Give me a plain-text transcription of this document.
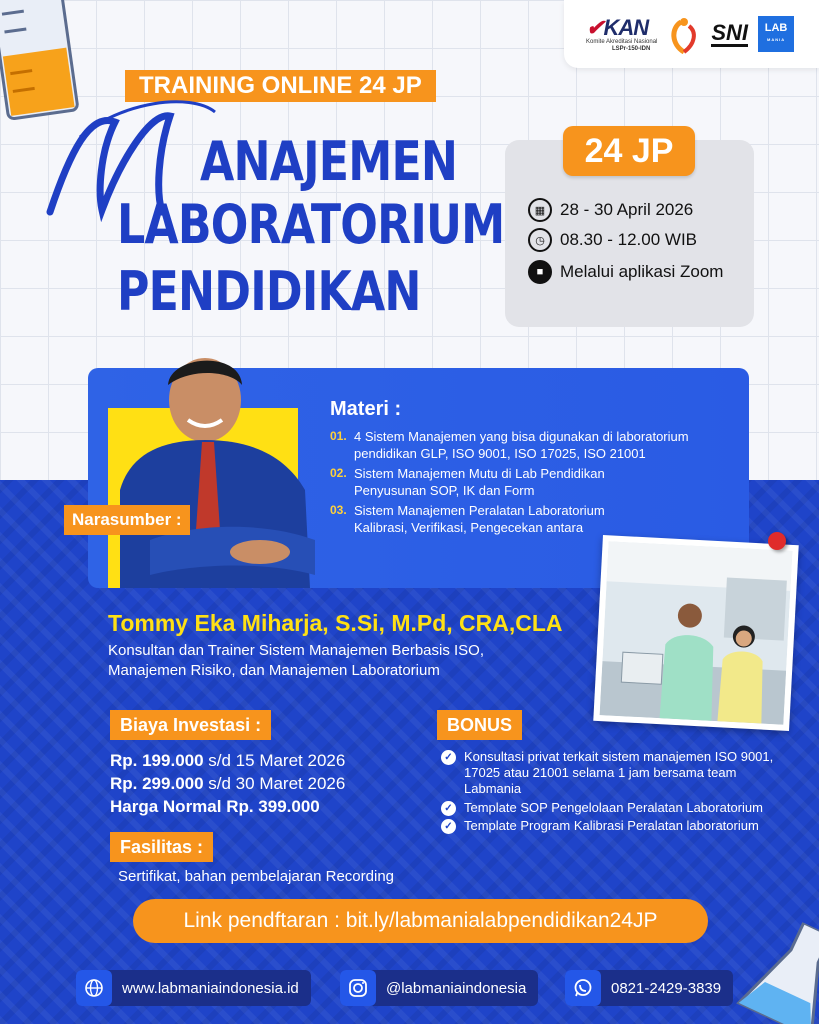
✔KAN
Komite Akreditasi Nasional
LSPr-150-IDN
SNI LAB
MANIA
TRAINING ONLINE 24 JP
ANAJEMEN
LABORATORIUM
PENDIDIKAN
24 JP
▦ 28 - 30 April 2026
◷ 08.30 - 12.00 WIB
■ Melalui aplikasi Zoom
Narasumber :
Materi :
01. 4 Sistem Manajemen yang bisa digunakan di laboratorium
pendidikan GLP, ISO 9001, ISO 17025, ISO 21001
02. Sistem Manajemen Mutu di Lab Pendidikan
Penyusunan SOP, IK dan Form
03. Sistem Manajemen Peralatan Laboratorium
Kalibrasi, Verifikasi, Pengecekan antara
Tommy Eka Miharja, S.Si, M.Pd, CRA,CLA
Konsultan dan Trainer Sistem Manajemen Berbasis ISO,
Manajemen Risiko, dan Manajemen Laboratorium
Biaya Investasi :
Rp. 199.000 s/d 15 Maret 2026
Rp. 299.000 s/d 30 Maret 2026
Harga Normal Rp. 399.000
BONUS
✓ Konsultasi privat terkait sistem manajemen ISO 9001, 17025 atau 21001 selama 1 jam bersama team Labmania
✓ Template SOP Pengelolaan Peralatan Laboratorium
✓ Template Program Kalibrasi Peralatan laboratorium
Fasilitas :
Sertifikat, bahan pembelajaran Recording
Link pendftaran : bit.ly/labmanialabpendidikan24JP
www.labmaniaindonesia.id	@labmaniaindonesia	0821-2429-3839
